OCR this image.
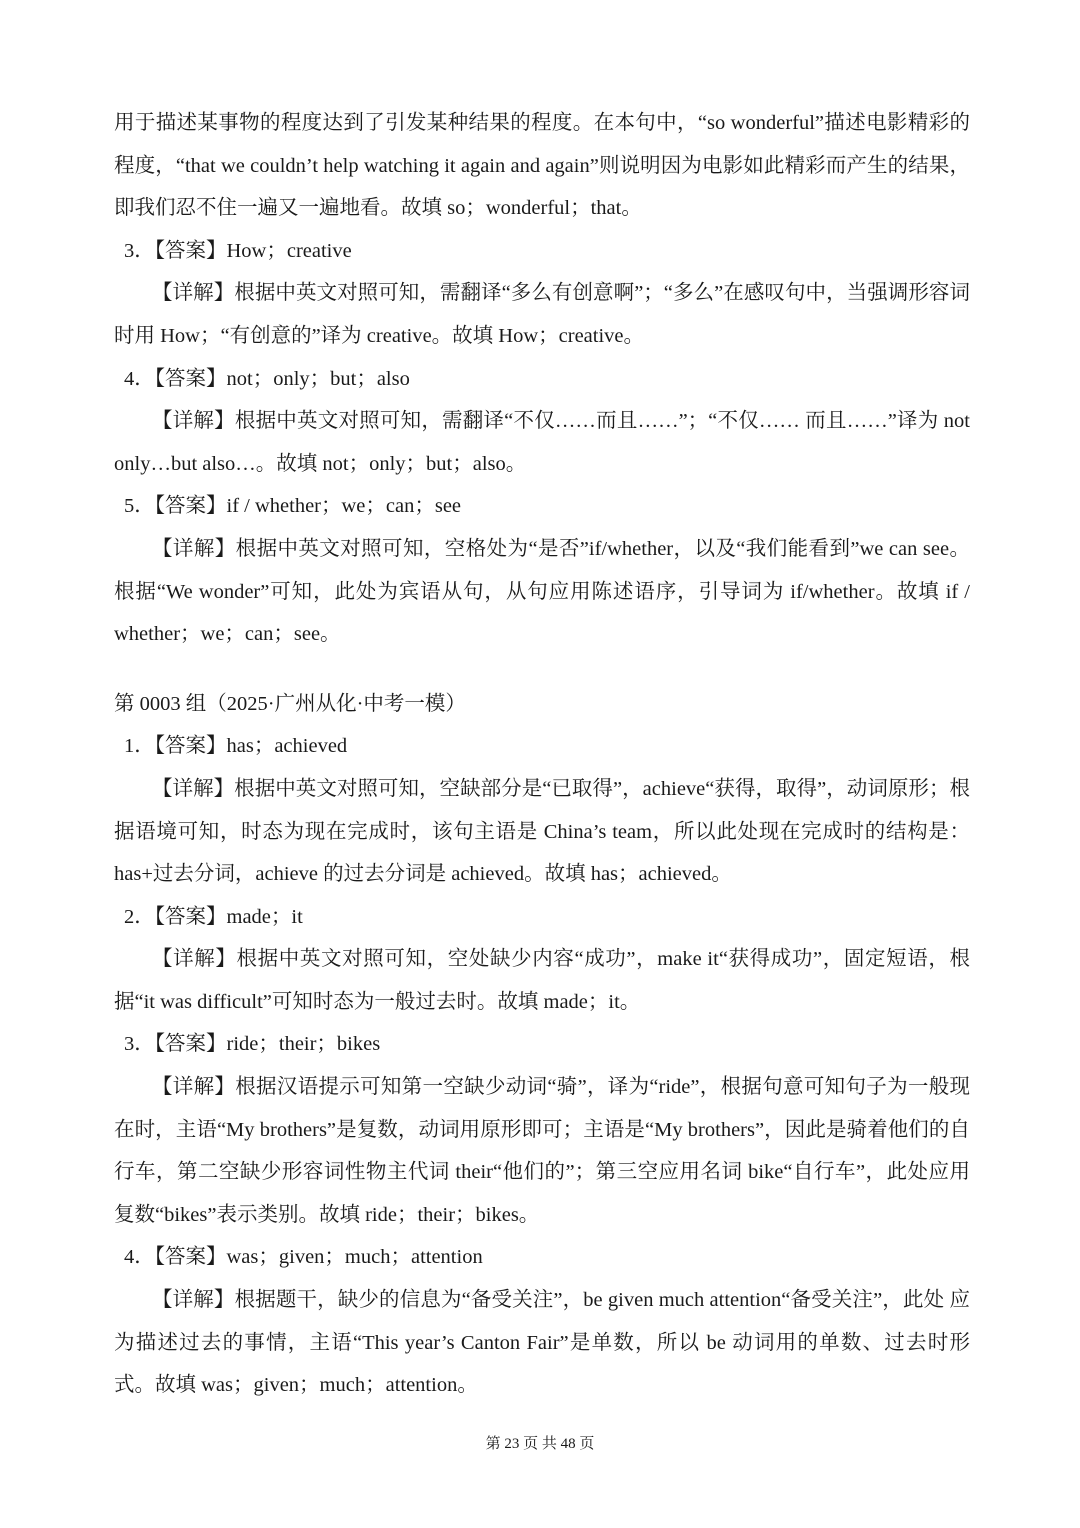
用于描述某事物的程度达到了引发某种结果的程度。在本句中，“so wonderful”描述电影精彩的程度，“that we couldn’t help watching it again and again”则说明因为电影如此精彩而产生的结果，即我们忍不住一遍又一遍地看。故填 so；wonderful；that。
3．【答案】How；creative
【详解】根据中英文对照可知，需翻译“多么有创意啊”；“多么”在感叹句中，当强调形容词时用 How；“有创意的”译为 creative。故填 How；creative。
4．【答案】not；only；but；also
【详解】根据中英文对照可知，需翻译“不仅……而且……”；“不仅…… 而且……”译为 not only…but also…。故填 not；only；but；also。
5．【答案】if / whether；we；can；see
【详解】根据中英文对照可知，空格处为“是否”if/whether，以及“我们能看到”we can see。根据“We wonder”可知，此处为宾语从句，从句应用陈述语序，引导词为 if/whether。故填 if / whether；we；can；see。
第 0003 组（2025·广州从化·中考一模）
1．【答案】has；achieved
【详解】根据中英文对照可知，空缺部分是“已取得”，achieve“获得，取得”，动词原形；根据语境可知，时态为现在完成时，该句主语是 China’s team，所以此处现在完成时的结构是：has+过去分词，achieve 的过去分词是 achieved。故填 has；achieved。
2．【答案】made；it
【详解】根据中英文对照可知，空处缺少内容“成功”，make it“获得成功”，固定短语，根据“it was difficult”可知时态为一般过去时。故填 made；it。
3．【答案】ride；their；bikes
【详解】根据汉语提示可知第一空缺少动词“骑”，译为“ride”，根据句意可知句子为一般现在时，主语“My brothers”是复数，动词用原形即可；主语是“My brothers”，因此是骑着他们的自行车，第二空缺少形容词性物主代词 their“他们的”；第三空应用名词 bike“自行车”，此处应用复数“bikes”表示类别。故填 ride；their；bikes。
4．【答案】was；given；much；attention
【详解】根据题干，缺少的信息为“备受关注”，be given much attention“备受关注”，此处 应为描述过去的事情，主语“This year’s Canton Fair”是单数，所以 be 动词用的单数、过去时形式。故填 was；given；much；attention。
第 23 页 共 48 页
